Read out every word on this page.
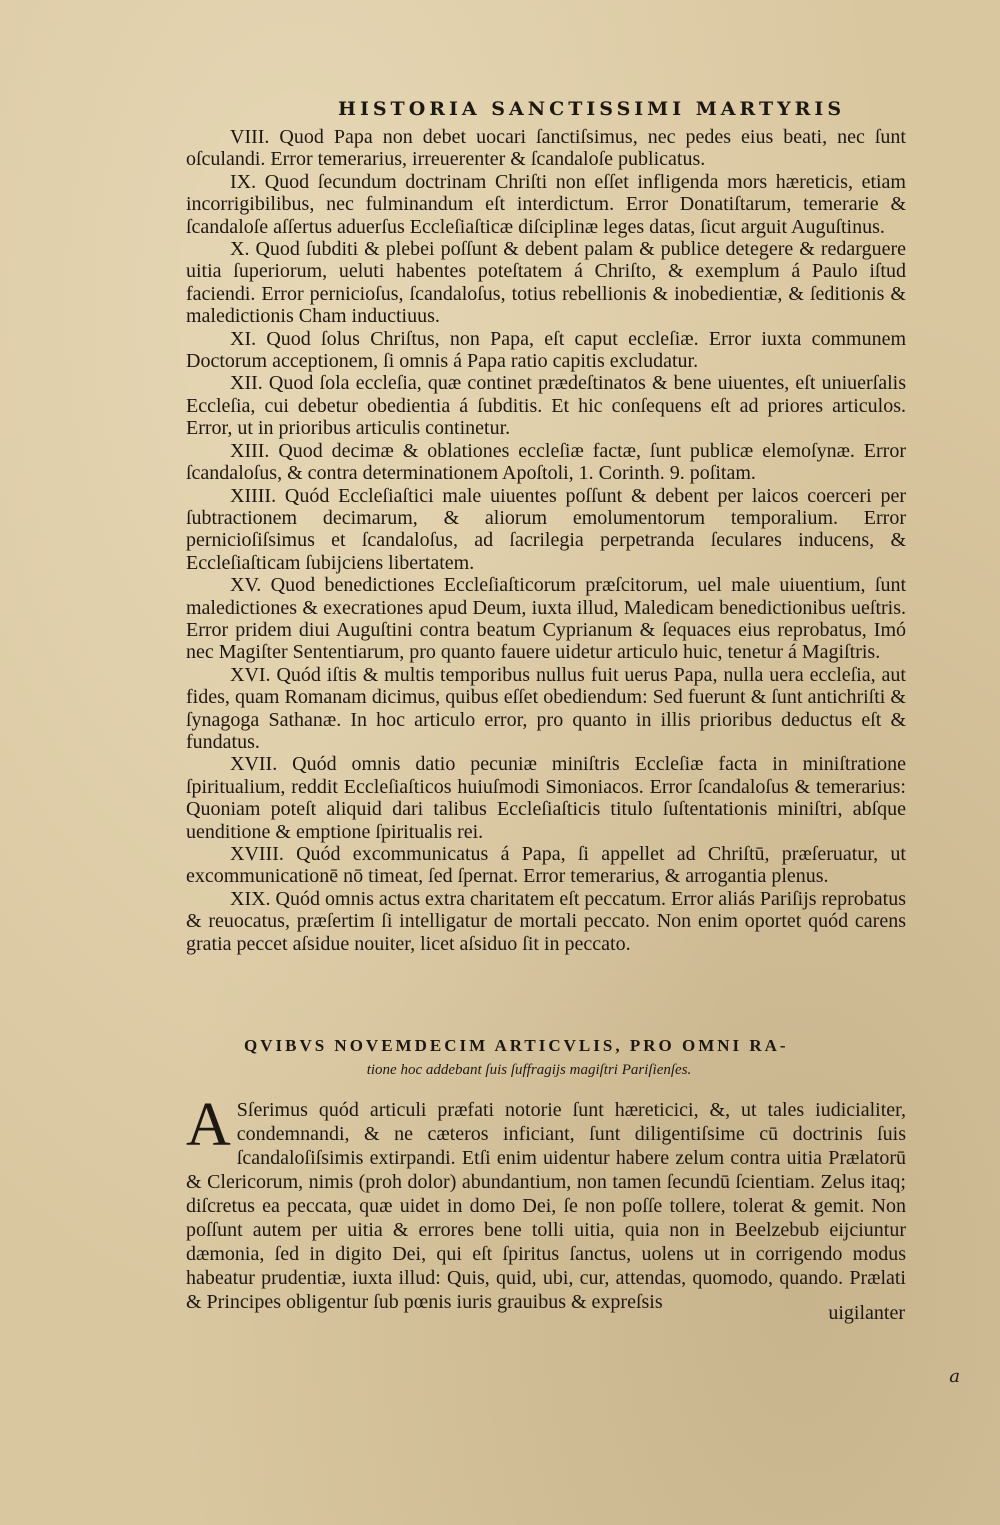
HISTORIA SANCTISSIMI MARTYRIS

VIII. Quod Papa non debet uocari ſanctiſsimus, nec pedes eius beati, nec ſunt oſculandi. Error temerarius, irreuerenter & ſcandaloſe publicatus.

IX. Quod ſecundum doctrinam Chriſti non eſſet infligenda mors hæreticis, etiam incorrigibilibus, nec fulminandum eſt interdictum. Error Donatiſtarum, temerarie & ſcandaloſe aſſertus aduerſus Eccleſiaſticæ diſciplinæ leges datas, ſicut arguit Auguſtinus.

X. Quod ſubditi & plebei poſſunt & debent palam & publice detegere & redarguere uitia ſuperiorum, ueluti habentes poteſtatem á Chriſto, & exemplum á Paulo iſtud faciendi. Error pernicioſus, ſcandaloſus, totius rebellionis & inobedientiæ, & ſeditionis & maledictionis Cham inductiuus.

XI. Quod ſolus Chriſtus, non Papa, eſt caput eccleſiæ. Error iuxta communem Doctorum acceptionem, ſi omnis á Papa ratio capitis excludatur.

XII. Quod ſola eccleſia, quæ continet prædeſtinatos & bene uiuentes, eſt uniuerſalis Eccleſia, cui debetur obedientia á ſubditis. Et hic conſequens eſt ad priores articulos. Error, ut in prioribus articulis continetur.

XIII. Quod decimæ & oblationes eccleſiæ factæ, ſunt publicæ elemoſynæ. Error ſcandaloſus, & contra determinationem Apoſtoli, 1. Corinth. 9. poſitam.

XIIII. Quód Eccleſiaſtici male uiuentes poſſunt & debent per laicos coerceri per ſubtractionem decimarum, & aliorum emolumentorum temporalium. Error pernicioſiſsimus et ſcandaloſus, ad ſacrilegia perpetranda ſeculares inducens, & Eccleſiaſticam ſubijciens libertatem.

XV. Quod benedictiones Eccleſiaſticorum præſcitorum, uel male uiuentium, ſunt maledictiones & execrationes apud Deum, iuxta illud, Maledicam benedictionibus ueſtris. Error pridem diui Auguſtini contra beatum Cyprianum & ſequaces eius reprobatus, Imó nec Magiſter Sententiarum, pro quanto fauere uidetur articulo huic, tenetur á Magiſtris.

XVI. Quód iſtis & multis temporibus nullus fuit uerus Papa, nulla uera eccleſia, aut fides, quam Romanam dicimus, quibus eſſet obediendum: Sed fuerunt & ſunt antichriſti & ſynagoga Sathanæ. In hoc articulo error, pro quanto in illis prioribus deductus eſt & fundatus.

XVII. Quód omnis datio pecuniæ miniſtris Eccleſiæ facta in miniſtratione ſpiritualium, reddit Eccleſiaſticos huiuſmodi Simoniacos. Error ſcandaloſus & temerarius: Quoniam poteſt aliquid dari talibus Eccleſiaſticis titulo ſuſtentationis miniſtri, abſque uenditione & emptione ſpiritualis rei.

XVIII. Quód excommunicatus á Papa, ſi appellet ad Chriſtū, præſeruatur, ut excommunicationē nō timeat, ſed ſpernat. Error temerarius, & arrogantia plenus.

XIX. Quód omnis actus extra charitatem eſt peccatum. Error aliás Pariſijs reprobatus & reuocatus, præſertim ſi intelligatur de mortali peccato. Non enim oportet quód carens gratia peccet aſsidue nouiter, licet aſsiduo ſit in peccato.

QVIBVS NOVEMDECIM ARTICVLIS, PRO OMNI RA-
tione hoc addebant ſuis ſuffragijs magiſtri Pariſienſes.

A Sſerimus quód articuli præfati notorie ſunt hæreticici, &, ut tales iudicialiter, condemnandi, & ne cæteros inficiant, ſunt diligentiſsime cū doctrinis ſuis ſcandaloſiſsimis extirpandi. Etſi enim uidentur habere zelum contra uitia Prælatorū & Clericorum, nimis (proh dolor) abundantium, non tamen ſecundū ſcientiam. Zelus itaq; diſcretus ea peccata, quæ uidet in domo Dei, ſe non poſſe tollere, tolerat & gemit. Non poſſunt autem per uitia & errores bene tolli uitia, quia non in Beelzebub eijciuntur dæmonia, ſed in digito Dei, qui eſt ſpiritus ſanctus, uolens ut in corrigendo modus habeatur prudentiæ, iuxta illud: Quis, quid, ubi, cur, attendas, quomodo, quando. Prælati & Principes obligentur ſub pœnis iuris grauibus & expreſsis	uigilanter
a
